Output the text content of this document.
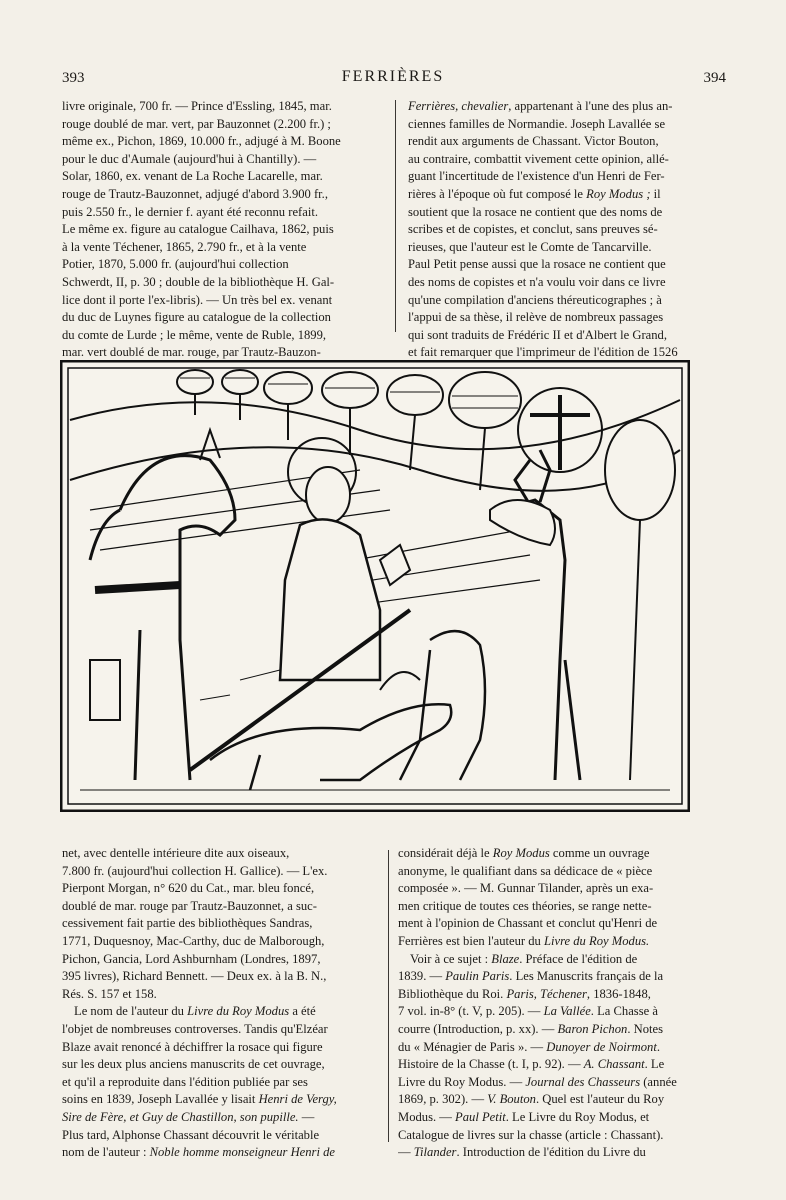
393	FERRIÈRES	394
livre originale, 700 fr. — Prince d'Essling, 1845, mar.
rouge doublé de mar. vert, par Bauzonnet (2.200 fr.) ;
même ex., Pichon, 1869, 10.000 fr., adjugé à M. Boone
pour le duc d'Aumale (aujourd'hui à Chantilly). —
Solar, 1860, ex. venant de La Roche Lacarelle, mar.
rouge de Trautz-Bauzonnet, adjugé d'abord 3.900 fr.,
puis 2.550 fr., le dernier f. ayant été reconnu refait.
Le même ex. figure au catalogue Cailhava, 1862, puis
à la vente Téchener, 1865, 2.790 fr., et à la vente
Potier, 1870, 5.000 fr. (aujourd'hui collection
Schwerdt, II, p. 30 ; double de la bibliothèque H. Gal-
lice dont il porte l'ex-libris). — Un très bel ex. venant
du duc de Luynes figure au catalogue de la collection
du comte de Lurde ; le même, vente de Ruble, 1899,
mar. vert doublé de mar. rouge, par Trautz-Bauzon-
Ferrières, chevalier, appartenant à l'une des plus an-
ciennes familles de Normandie. Joseph Lavallée se
rendit aux arguments de Chassant. Victor Bouton,
au contraire, combattit vivement cette opinion, allé-
guant l'incertitude de l'existence d'un Henri de Fer-
rières à l'époque où fut composé le Roy Modus ; il
soutient que la rosace ne contient que des noms de
scribes et de copistes, et conclut, sans preuves sé-
rieuses, que l'auteur est le Comte de Tancarville.
Paul Petit pense aussi que la rosace ne contient que
des noms de copistes et n'a voulu voir dans ce livre
qu'une compilation d'anciens théreuticographes ; à
l'appui de sa thèse, il relève de nombreux passages
qui sont traduits de Frédéric II et d'Albert le Grand,
et fait remarquer que l'imprimeur de l'édition de 1526
net, avec dentelle intérieure dite aux oiseaux,
7.800 fr. (aujourd'hui collection H. Gallice). — L'ex.
Pierpont Morgan, n° 620 du Cat., mar. bleu foncé,
doublé de mar. rouge par Trautz-Bauzonnet, a suc-
cessivement fait partie des bibliothèques Sandras,
1771, Duquesnoy, Mac-Carthy, duc de Malborough,
Pichon, Gancia, Lord Ashburnham (Londres, 1897,
395 livres), Richard Bennett. — Deux ex. à la B. N.,
Rés. S. 157 et 158.
Le nom de l'auteur du Livre du Roy Modus a été
l'objet de nombreuses controverses. Tandis qu'Elzéar
Blaze avait renoncé à déchiffrer la rosace qui figure
sur les deux plus anciens manuscrits de cet ouvrage,
et qu'il a reproduite dans l'édition publiée par ses
soins en 1839, Joseph Lavallée y lisait Henri de Vergy,
Sire de Fère, et Guy de Chastillon, son pupille. —
Plus tard, Alphonse Chassant découvrit le véritable
nom de l'auteur : Noble homme monseigneur Henri de
considérait déjà le Roy Modus comme un ouvrage
anonyme, le qualifiant dans sa dédicace de « pièce
composée ». — M. Gunnar Tilander, après un exa-
men critique de toutes ces théories, se range nette-
ment à l'opinion de Chassant et conclut qu'Henri de
Ferrières est bien l'auteur du Livre du Roy Modus.
Voir à ce sujet : Blaze. Préface de l'édition de
1839. — Paulin Paris. Les Manuscrits français de la
Bibliothèque du Roi. Paris, Téchener, 1836-1848,
7 vol. in-8° (t. V, p. 205). — La Vallée. La Chasse à
courre (Introduction, p. xx). — Baron Pichon. Notes
du « Ménagier de Paris ». — Dunoyer de Noirmont.
Histoire de la Chasse (t. I, p. 92). — A. Chassant. Le
Livre du Roy Modus. — Journal des Chasseurs (année
1869, p. 302). — V. Bouton. Quel est l'auteur du Roy
Modus. — Paul Petit. Le Livre du Roy Modus, et
Catalogue de livres sur la chasse (article : Chassant).
— Tilander. Introduction de l'édition du Livre du
